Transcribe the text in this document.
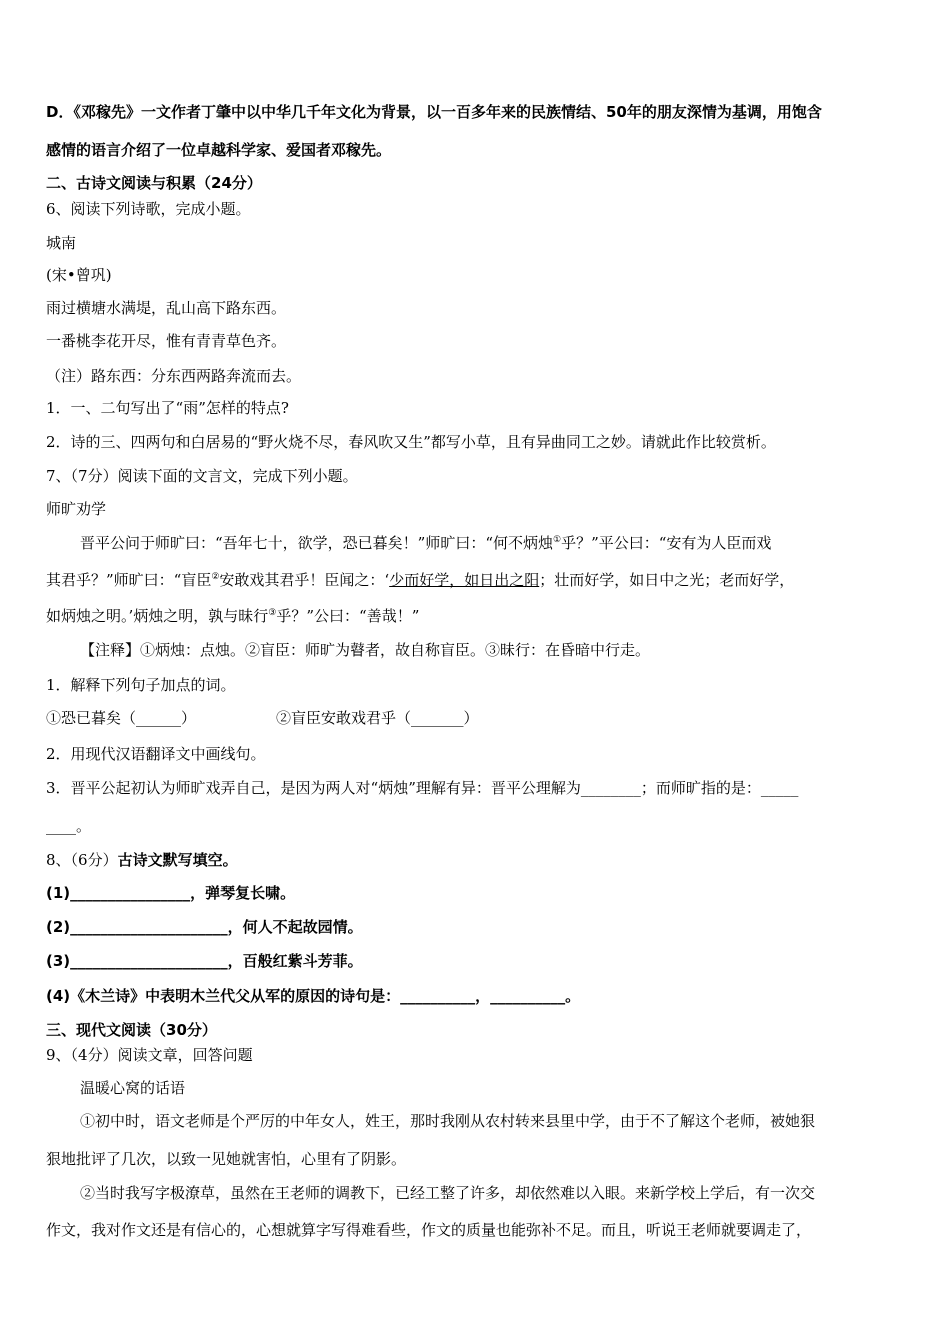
D．《邓稼先》一文作者丁肇中以中华几千年文化为背景，以一百多年来的民族情结、50年的朋友深情为基调，用饱含
感情的语言介绍了一位卓越科学家、爱国者邓稼先。
二、古诗文阅读与积累（24分）
6、阅读下列诗歌，完成小题。
城南
(宋•曾巩)
雨过横塘水满堤，乱山高下路东西。
一番桃李花开尽，惟有青青草色齐。
（注）路东西：分东西两路奔流而去。
1．一、二句写出了“雨”怎样的特点?
2．诗的三、四两句和白居易的“野火烧不尽，春风吹又生”都写小草，且有异曲同工之妙。请就此作比较赏析。
7、（7分）阅读下面的文言文，完成下列小题。
师旷劝学
晋平公问于师旷曰：“吾年七十，欲学，恐已暮矣！”师旷曰：“何不炳烛①乎？”平公曰：“安有为人臣而戏
其君乎？”师旷曰：“盲臣②安敢戏其君乎！臣闻之：‘少而好学，如日出之阳；壮而好学，如日中之光；老而好学，
如炳烛之明。’炳烛之明，孰与昧行③乎？”公曰：“善哉！”
【注释】①炳烛：点烛。②盲臣：师旷为瞽者，故自称盲臣。③昧行：在昏暗中行走。
1．解释下列句子加点的词。
①恐已暮矣（______）	②盲臣安敢戏君乎（_______）
2．用现代汉语翻译文中画线句。
3．晋平公起初认为师旷戏弄自己，是因为两人对“炳烛”理解有异：晋平公理解为________；而师旷指的是：_____
____。
8、（6分）古诗文默写填空。
(1)________________，弹琴复长啸。
(2)_____________________，何人不起故园情。
(3)_____________________，百般红紫斗芳菲。
(4)《木兰诗》中表明木兰代父从军的原因的诗句是：__________，__________。
三、现代文阅读（30分）
9、（4分）阅读文章，回答问题
温暖心窝的话语
①初中时，语文老师是个严厉的中年女人，姓王，那时我刚从农村转来县里中学，由于不了解这个老师，被她狠
狠地批评了几次，以致一见她就害怕，心里有了阴影。
②当时我写字极潦草，虽然在王老师的调教下，已经工整了许多，却依然难以入眼。来新学校上学后，有一次交
作文，我对作文还是有信心的，心想就算字写得难看些，作文的质量也能弥补不足。而且，听说王老师就要调走了，
